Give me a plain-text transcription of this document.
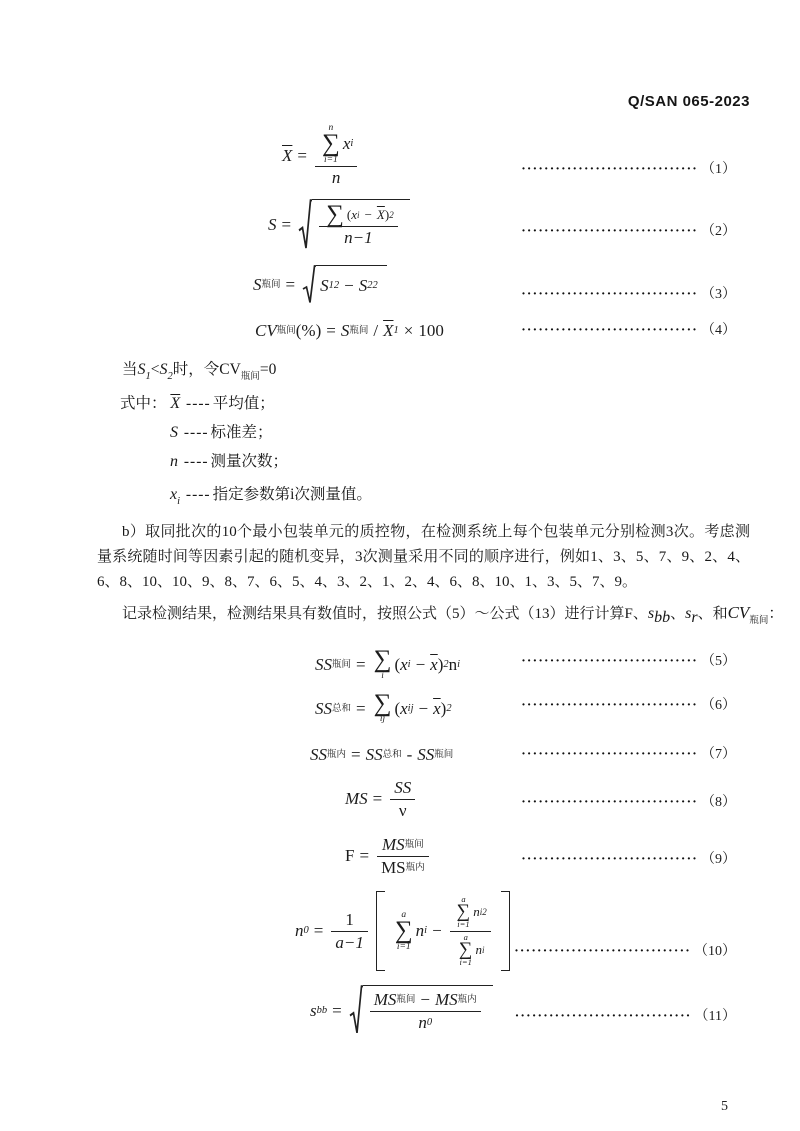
Q/SAN 065-2023
$\overline{X} = n$
∑
i=1
x i
n	······························· （1）
$S = \frac{\sum ( x i - \overline{X} ) 2}{n-1}$	······························· （2）
S 瓶间 = S 1 2 − S 2 2
······························· （3）
CV 瓶间 (%) = S 瓶间 / $\overline{X}$ 1 × 100	······························· （4）
当$S_1<S_2$时，令$CV_{瓶间}=0$
式中： $\overline{X}$ ---- 平均值；
S ---- 标准差；
n ---- 测量次数；
$x_i$ ---- 指定参数第i次测量值。
b）取同批次的10个最小包装单元的质控物，在检测系统上每个包装单元分别检测3次。考虑测量系统随时间等因素引起的随机变异，3次测量采用不同的顺序进行，例如1、3、5、7、9、2、4、6、8、10、10、9、8、7、6、5、4、3、2、1、2、4、6、8、10、1、3、5、7、9。
记录检测结果，检测结果具有数值时，按照公式（5）～公式（13）进行计算F、$s_{bb}$、$s_r$、和$CV_{瓶间}$：
SS 瓶间 = ∑
i
( x $i - \overline{x}$ ) 2 n i	······························· （5）
SS 总和 = ∑
ij
( x ij − $\overline{x}$ ) 2	······························· （6）
SS 瓶内 = SS 总和 - SS 瓶间	······························· （7）
MS = $\frac{SS}{\nu}$	······························· （8）
$F = \frac{\text{MS 瓶间}}{\text{MS 瓶内}}$	······························· （9）
n $0 = \frac{1}{a-1}$	a
∑
i=1
n i −
a
∑
i=1
n i 2
a
∑
i=1
n i ······························· （10）
s bb = $\frac{\text{MS 瓶间 − MS 瓶内}}{n 0}$	······························· （11）
5
